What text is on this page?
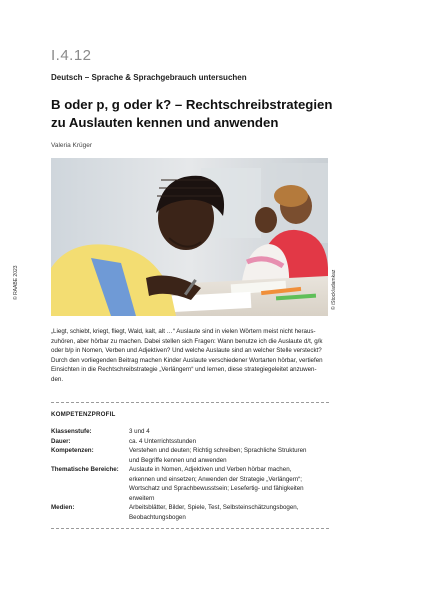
I.4.12
Deutsch – Sprache & Sprachgebrauch untersuchen
B oder p, g oder k? – Rechtschreibstrategien
zu Auslauten kennen und anwenden
Valeria Krüger
© RAABE 2023	© iStock/adamkaz
„Liegt, schiebt, kriegt, fliegt, Wald, kalt, alt …“ Auslaute sind in vielen Wörtern meist nicht heraus-
zuhören, aber hörbar zu machen. Dabei stellen sich Fragen: Wann benutze ich die Auslaute d/t, g/k
oder b/p in Nomen, Verben und Adjektiven? Und welche Auslaute sind an welcher Stelle versteckt?
Durch den vorliegenden Beitrag machen Kinder Auslaute verschiedener Wortarten hörbar, vertiefen
Einsichten in die Rechtschreibstrategie „Verlängern“ und lernen, diese strategiegeleitet anzuwen-
den.
KOMPETENZPROFIL
Klassenstufe:	3 und 4
Dauer:	ca. 4 Unterrichtsstunden
Kompetenzen:	Verstehen und deuten; Richtig schreiben; Sprachliche Strukturen
und Begriffe kennen und anwenden
Thematische Bereiche:	Auslaute in Nomen, Adjektiven und Verben hörbar machen,
erkennen und einsetzen; Anwenden der Strategie „Verlängern“;
Wortschatz und Sprachbewusstsein; Lesefertig- und fähigkeiten
erweitern
Medien:	Arbeitsblätter, Bilder, Spiele, Test, Selbsteinschätzungsbogen,
Beobachtungsbogen
